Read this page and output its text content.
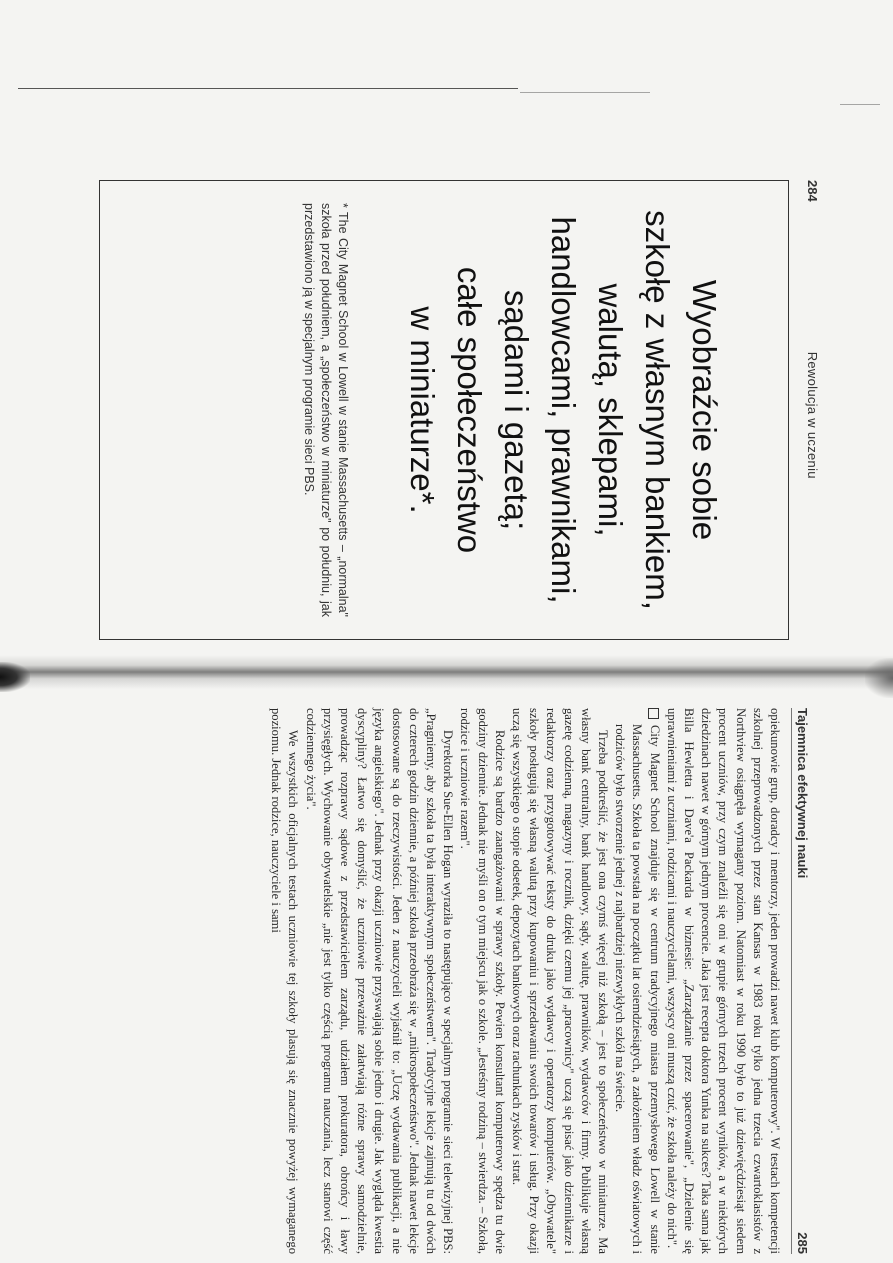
284
Rewolucja w uczeniu
Wyobraźcie sobie
szkołę z własnym bankiem,
walutą, sklepami,
handlowcami, prawnikami,
sądami i gazetą;
całe społeczeństwo
w miniaturze*.
* The City Magnet School w Lowell w stanie Massachusetts – „normalna" szkoła przed południem, a „społeczeństwo w miniaturze" po południu, jak przedstawiono ją w specjalnym programie sieci PBS.
Tajemnica efektywnej nauki
285

opiekunowie grup, doradcy i mentorzy, jeden prowadzi nawet klub komputerowy". W testach kompetencji szkolnej przeprowadzonych przez stan Kansas w 1983 roku tylko jedna trzecia czwartoklasistów z Northview osiągnęła wymagany poziom. Natomiast w roku 1990 było to już dziewięćdziesiąt siedem procent uczniów, przy czym znaleźli się oni w grupie górnych trzech procent wyników, a w niektórych dziedzinach nawet w górnym jednym procencie. Jaka jest recepta doktora Yunka na sukces? Taka sama jak Billa Hewletta i Dave'a Packarda w biznesie: „Zarządzanie przez spacerowanie", „Dzielenie się uprawnieniami z uczniami, rodzicami i nauczycielami, wszyscy oni muszą czuć, że szkoła należy do nich".

City Magnet School znajduje się w centrum tradycyjnego miasta przemysłowego Lowell w stanie Massachusetts. Szkoła ta powstała na początku lat osiemdziesiątych, a założeniem władz oświatowych i rodziców było stworzenie jednej z najbardziej niezwykłych szkół na świecie.

Trzeba podkreślić, że jest ona czymś więcej niż szkołą – jest to społeczeństwo w miniaturze. Ma własny bank centralny, bank handlowy, sądy, walutę, prawników, wydawców i firmy. Publikuje własną gazetę codzienną, magazyny i rocznik, dzięki czemu jej „pracownicy" uczą się pisać jako dziennikarze i redaktorzy oraz przygotowywać teksty do druku jako wydawcy i operatorzy komputerów. „Obywatele" szkoły posługują się własną walutą przy kupowaniu i sprzedawaniu swoich towarów i usług. Przy okazji uczą się wszystkiego o stopie odsetek, depozytach bankowych oraz rachunkach zysków i strat.

Rodzice są bardzo zaangażowani w sprawy szkoły. Pewien konsultant komputerowy spędza tu dwie godziny dziennie. Jednak nie myśli on o tym miejscu jak o szkole. „Jesteśmy rodziną – stwierdza. – Szkoła, rodzice i uczniowie razem".

Dyrektorka Sue-Ellen Hogan wyraziła to następująco w specjalnym programie sieci telewizyjnej PBS: „Pragniemy, aby szkoła ta była interaktywnym społeczeństwem". Tradycyjne lekcje zajmują tu od dwóch do czterech godzin dziennie, a później szkoła przeobraża się w „mikrospołeczeństwo". Jednak nawet lekcje dostosowane są do rzeczywistości. Jeden z nauczycieli wyjaśnił to: „Uczę wydawania publikacji, a nie języka angielskiego". Jednak przy okazji uczniowie przyswajają sobie jedno i drugie. Jak wygląda kwestia dyscypliny? Łatwo się domyślić, że uczniowie przeważnie załatwiają różne sprawy samodzielnie, prowadząc rozprawy sądowe z przedstawicielem zarządu, udziałem prokuratora, obrońcy i ławy przysięgłych. Wychowanie obywatelskie „nie jest tylko częścią programu nauczania, lecz stanowi część codziennego życia".

We wszystkich oficjalnych testach uczniowie tej szkoły plasują się znacznie powyżej wymaganego poziomu. Jednak rodzice, nauczyciele i sami
